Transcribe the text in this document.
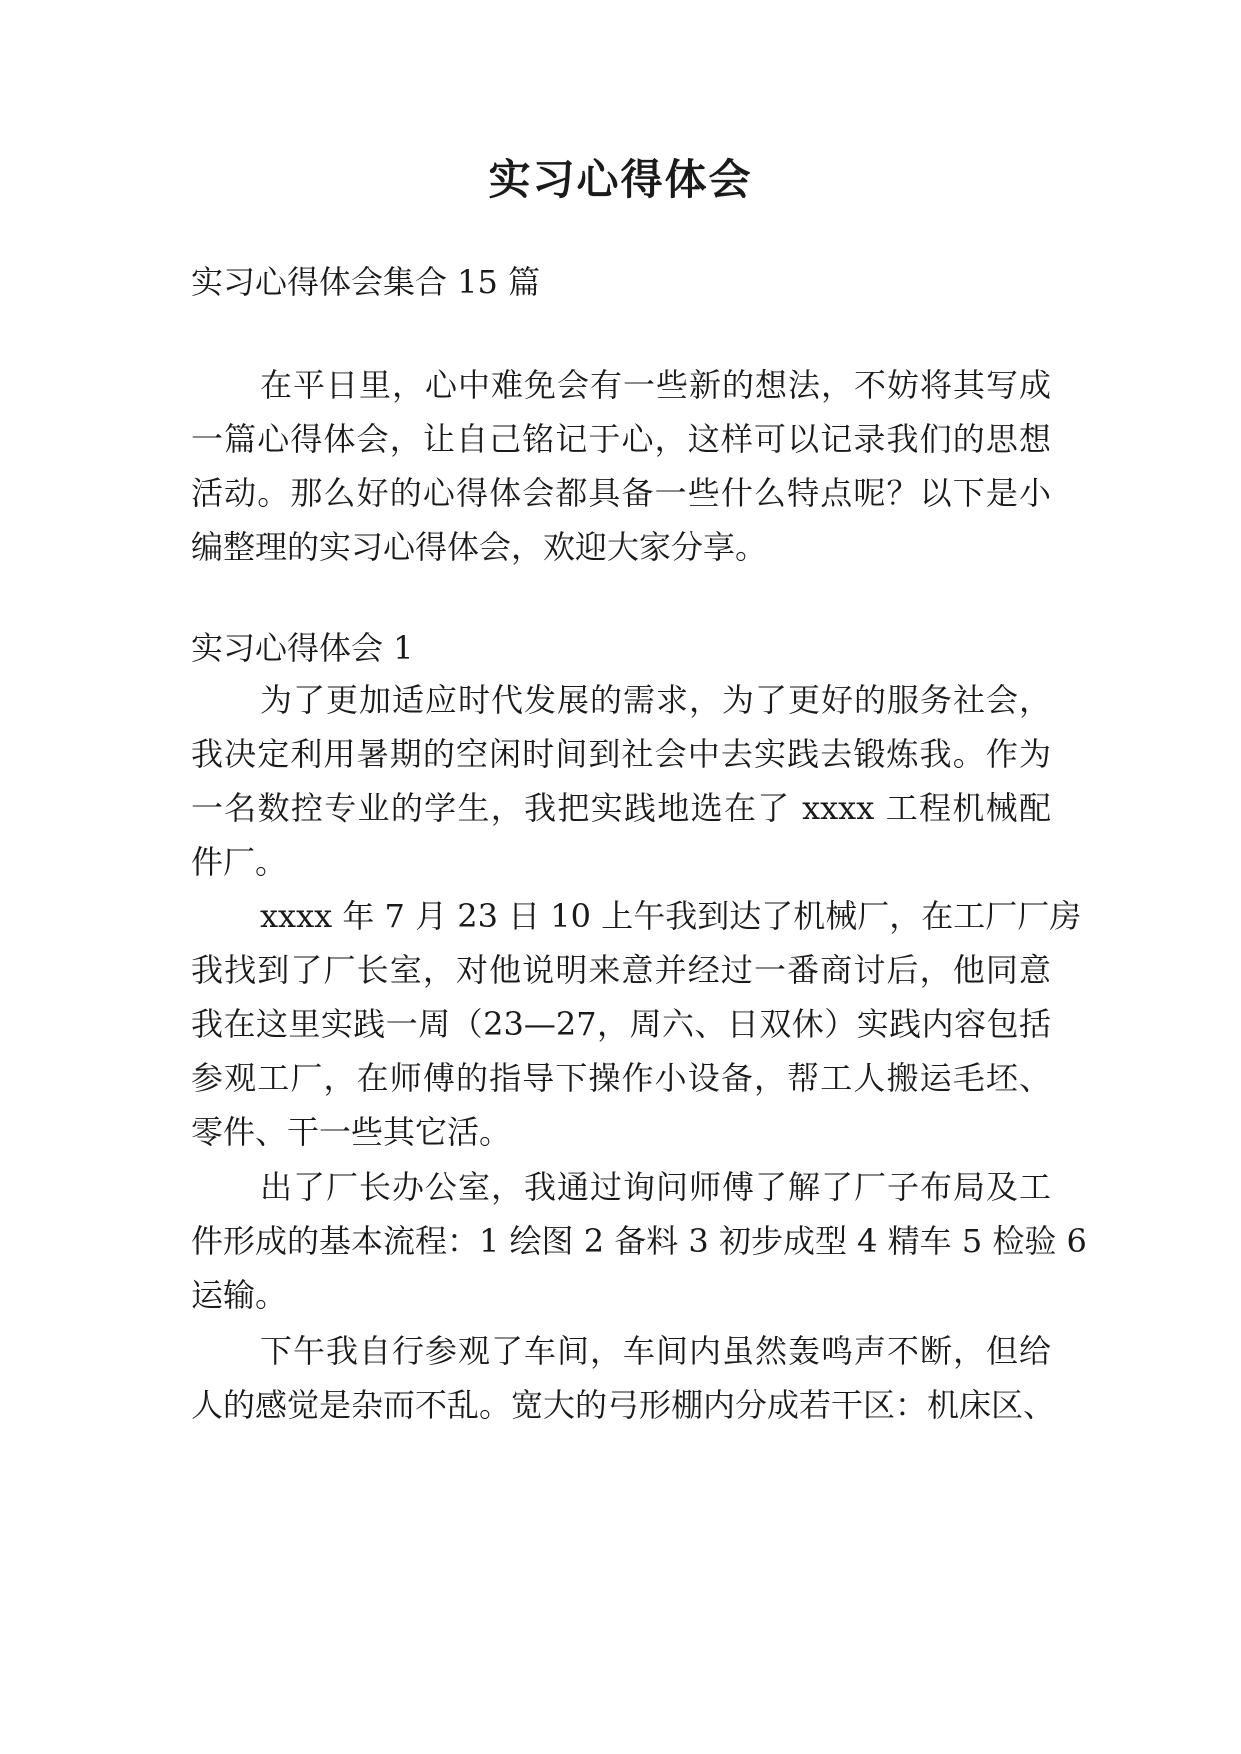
实习心得体会
实习心得体会集合 15 篇
在平日里，心中难免会有一些新的想法，不妨将其写成
一篇心得体会，让自己铭记于心，这样可以记录我们的思想
活动。那么好的心得体会都具备一些什么特点呢？以下是小
编整理的实习心得体会，欢迎大家分享。
实习心得体会 1
为了更加适应时代发展的需求，为了更好的服务社会，
我决定利用暑期的空闲时间到社会中去实践去锻炼我。作为
一名数控专业的学生，我把实践地选在了 xxxx 工程机械配
件厂。
xxxx 年 7 月 23 日 10 上午我到达了机械厂，在工厂厂房
我找到了厂长室，对他说明来意并经过一番商讨后，他同意
我在这里实践一周（23—27，周六、日双休）实践内容包括
参观工厂，在师傅的指导下操作小设备，帮工人搬运毛坯、
零件、干一些其它活。
出了厂长办公室，我通过询问师傅了解了厂子布局及工
件形成的基本流程：1 绘图 2 备料 3 初步成型 4 精车 5 检验 6
运输。
下午我自行参观了车间，车间内虽然轰鸣声不断，但给
人的感觉是杂而不乱。宽大的弓形棚内分成若干区：机床区、
